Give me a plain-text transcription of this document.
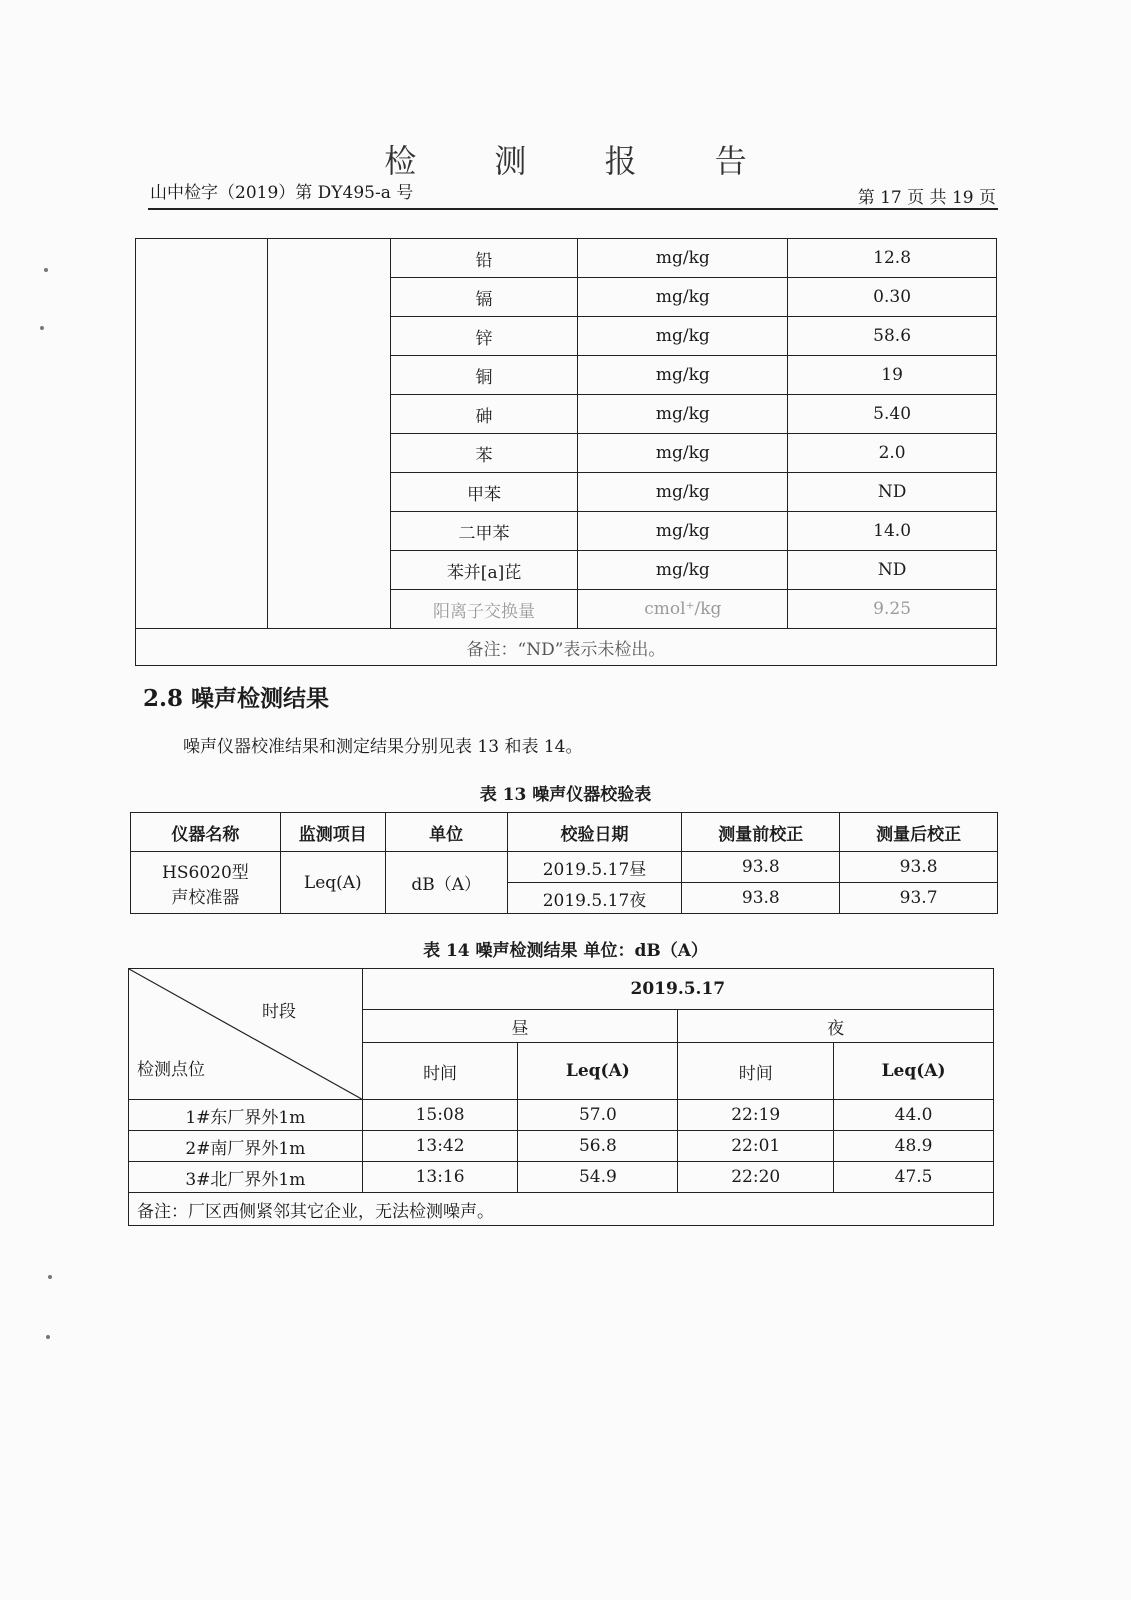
检 测 报 告
山中检字（2019）第 DY495-a 号	第 17 页 共 19 页
		铅	mg/kg	12.8
		镉	mg/kg	0.30
		锌	mg/kg	58.6
		铜	mg/kg	19
		砷	mg/kg	5.40
		苯	mg/kg	2.0
		甲苯	mg/kg	ND
		二甲苯	mg/kg	14.0
		苯并[a]芘	mg/kg	ND
		阳离子交换量	cmol⁺/kg	9.25
备注：“ND”表示未检出。				
2.8 噪声检测结果
噪声仪器校准结果和测定结果分别见表 13 和表 14。
表 13 噪声仪器校验表
仪器名称	监测项目	单位	校验日期	测量前校正	测量后校正

HS6020型
声校准器	Leq(A)	dB（A）	2019.5.17昼	93.8	93.8
			2019.5.17夜	93.8	93.7
表 14 噪声检测结果 单位：dB（A）
时段
检测点位	2019.5.17			
	昼		夜	
	时间	Leq(A)	时间	Leq(A)
1#东厂界外1m	15:08	57.0	22:19	44.0
2#南厂界外1m	13:42	56.8	22:01	48.9
3#北厂界外1m	13:16	54.9	22:20	47.5
备注：厂区西侧紧邻其它企业，无法检测噪声。				
